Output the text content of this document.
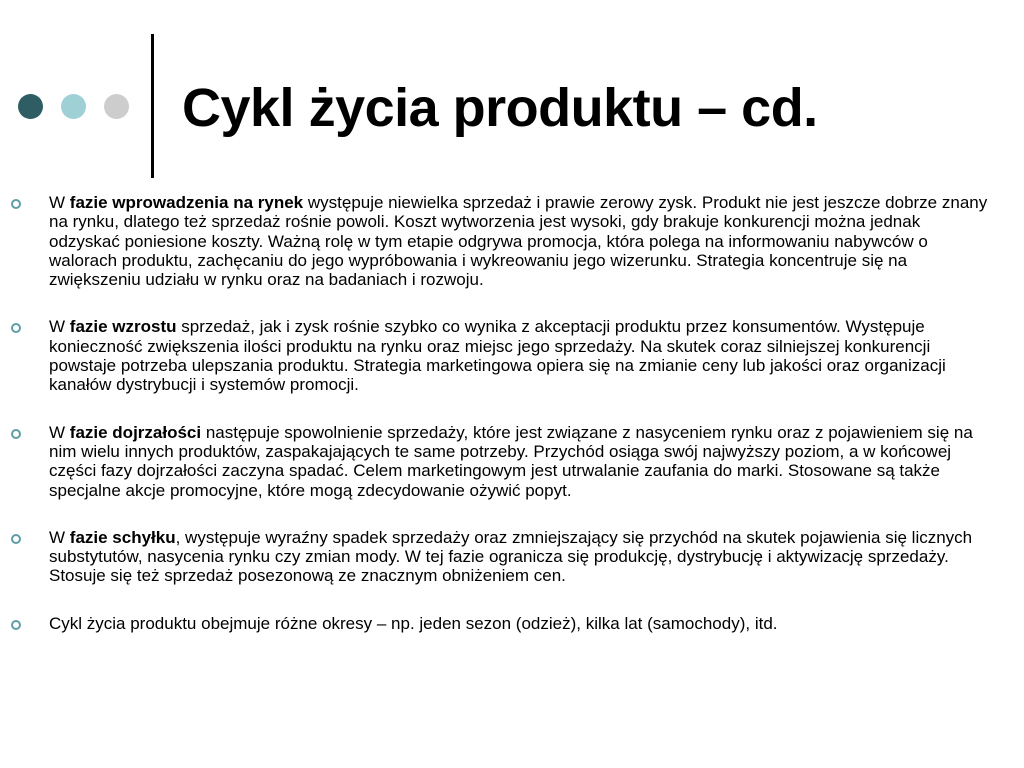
Cykl życia produktu – cd.
W fazie wprowadzenia na rynek występuje niewielka sprzedaż i prawie zerowy zysk. Produkt nie jest jeszcze dobrze znany na rynku, dlatego też sprzedaż rośnie powoli. Koszt wytworzenia jest wysoki, gdy brakuje konkurencji można jednak odzyskać poniesione koszty. Ważną rolę w tym etapie odgrywa promocja, która polega na informowaniu nabywców o walorach produktu, zachęcaniu do jego wypróbowania i wykreowaniu jego wizerunku. Strategia koncentruje się na zwiększeniu udziału w rynku oraz na badaniach i rozwoju.
W fazie wzrostu sprzedaż, jak i zysk rośnie szybko co wynika z akceptacji produktu przez konsumentów. Występuje konieczność zwiększenia ilości produktu na rynku oraz miejsc jego sprzedaży. Na skutek coraz silniejszej konkurencji powstaje potrzeba ulepszania produktu. Strategia marketingowa opiera się na zmianie ceny lub jakości oraz organizacji kanałów dystrybucji i systemów promocji.
W fazie dojrzałości następuje spowolnienie sprzedaży, które jest związane z nasyceniem rynku oraz z pojawieniem się na nim wielu innych produktów, zaspakajających te same potrzeby. Przychód osiąga swój najwyższy poziom, a w końcowej części fazy dojrzałości zaczyna spadać. Celem marketingowym jest utrwalanie zaufania do marki. Stosowane są także specjalne akcje promocyjne, które mogą zdecydowanie ożywić popyt.
W fazie schyłku, występuje wyraźny spadek sprzedaży oraz zmniejszający się przychód na skutek pojawienia się licznych substytutów, nasycenia rynku czy zmian mody. W tej fazie ogranicza się produkcję, dystrybucję i aktywizację sprzedaży. Stosuje się też sprzedaż posezonową ze znacznym obniżeniem cen.
Cykl życia produktu obejmuje różne okresy – np. jeden sezon (odzież), kilka lat (samochody), itd.
